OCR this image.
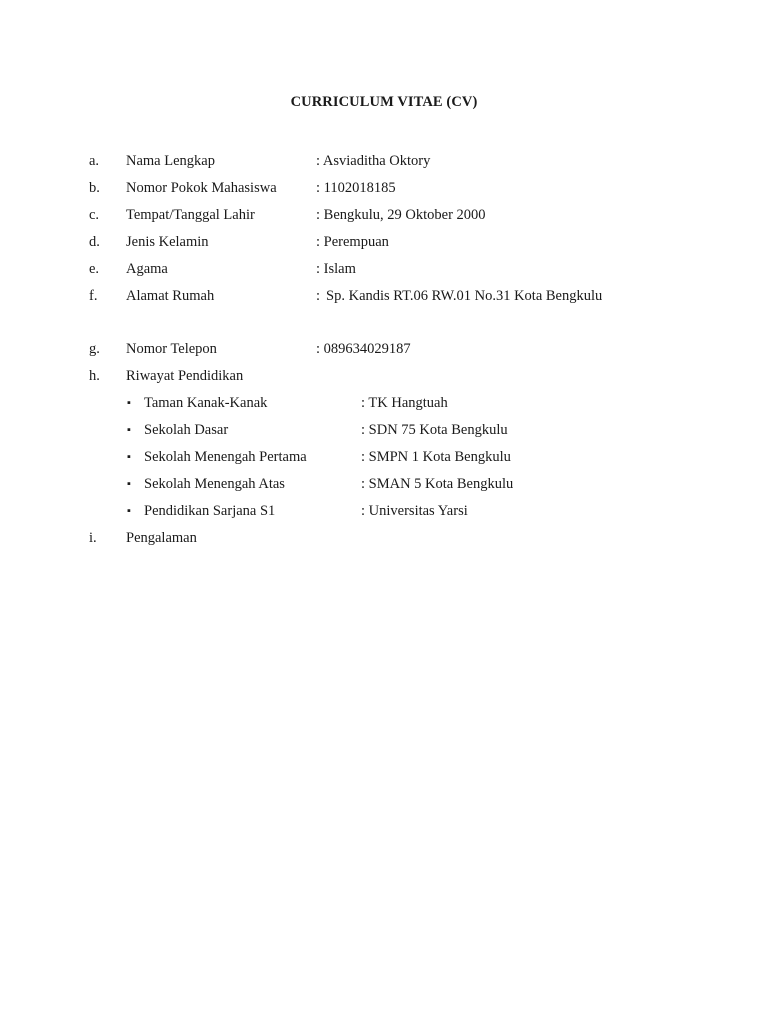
CURRICULUM VITAE (CV)
a. Nama Lengkap	: Asviaditha Oktory
b. Nomor Pokok Mahasiswa	: 1102018185
c. Tempat/Tanggal Lahir	: Bengkulu, 29 Oktober 2000
d. Jenis Kelamin	: Perempuan
e. Agama	: Islam
f. Alamat Rumah	: Sp. Kandis RT.06 RW.01 No.31 Kota Bengkulu
g. Nomor Telepon	: 089634029187
h. Riwayat Pendidikan
▪ Taman Kanak-Kanak	: TK Hangtuah
▪ Sekolah Dasar	: SDN 75 Kota Bengkulu
▪ Sekolah Menengah Pertama	: SMPN 1 Kota Bengkulu
▪ Sekolah Menengah Atas	: SMAN 5 Kota Bengkulu
▪ Pendidikan Sarjana S1	: Universitas Yarsi
i. Pengalaman
